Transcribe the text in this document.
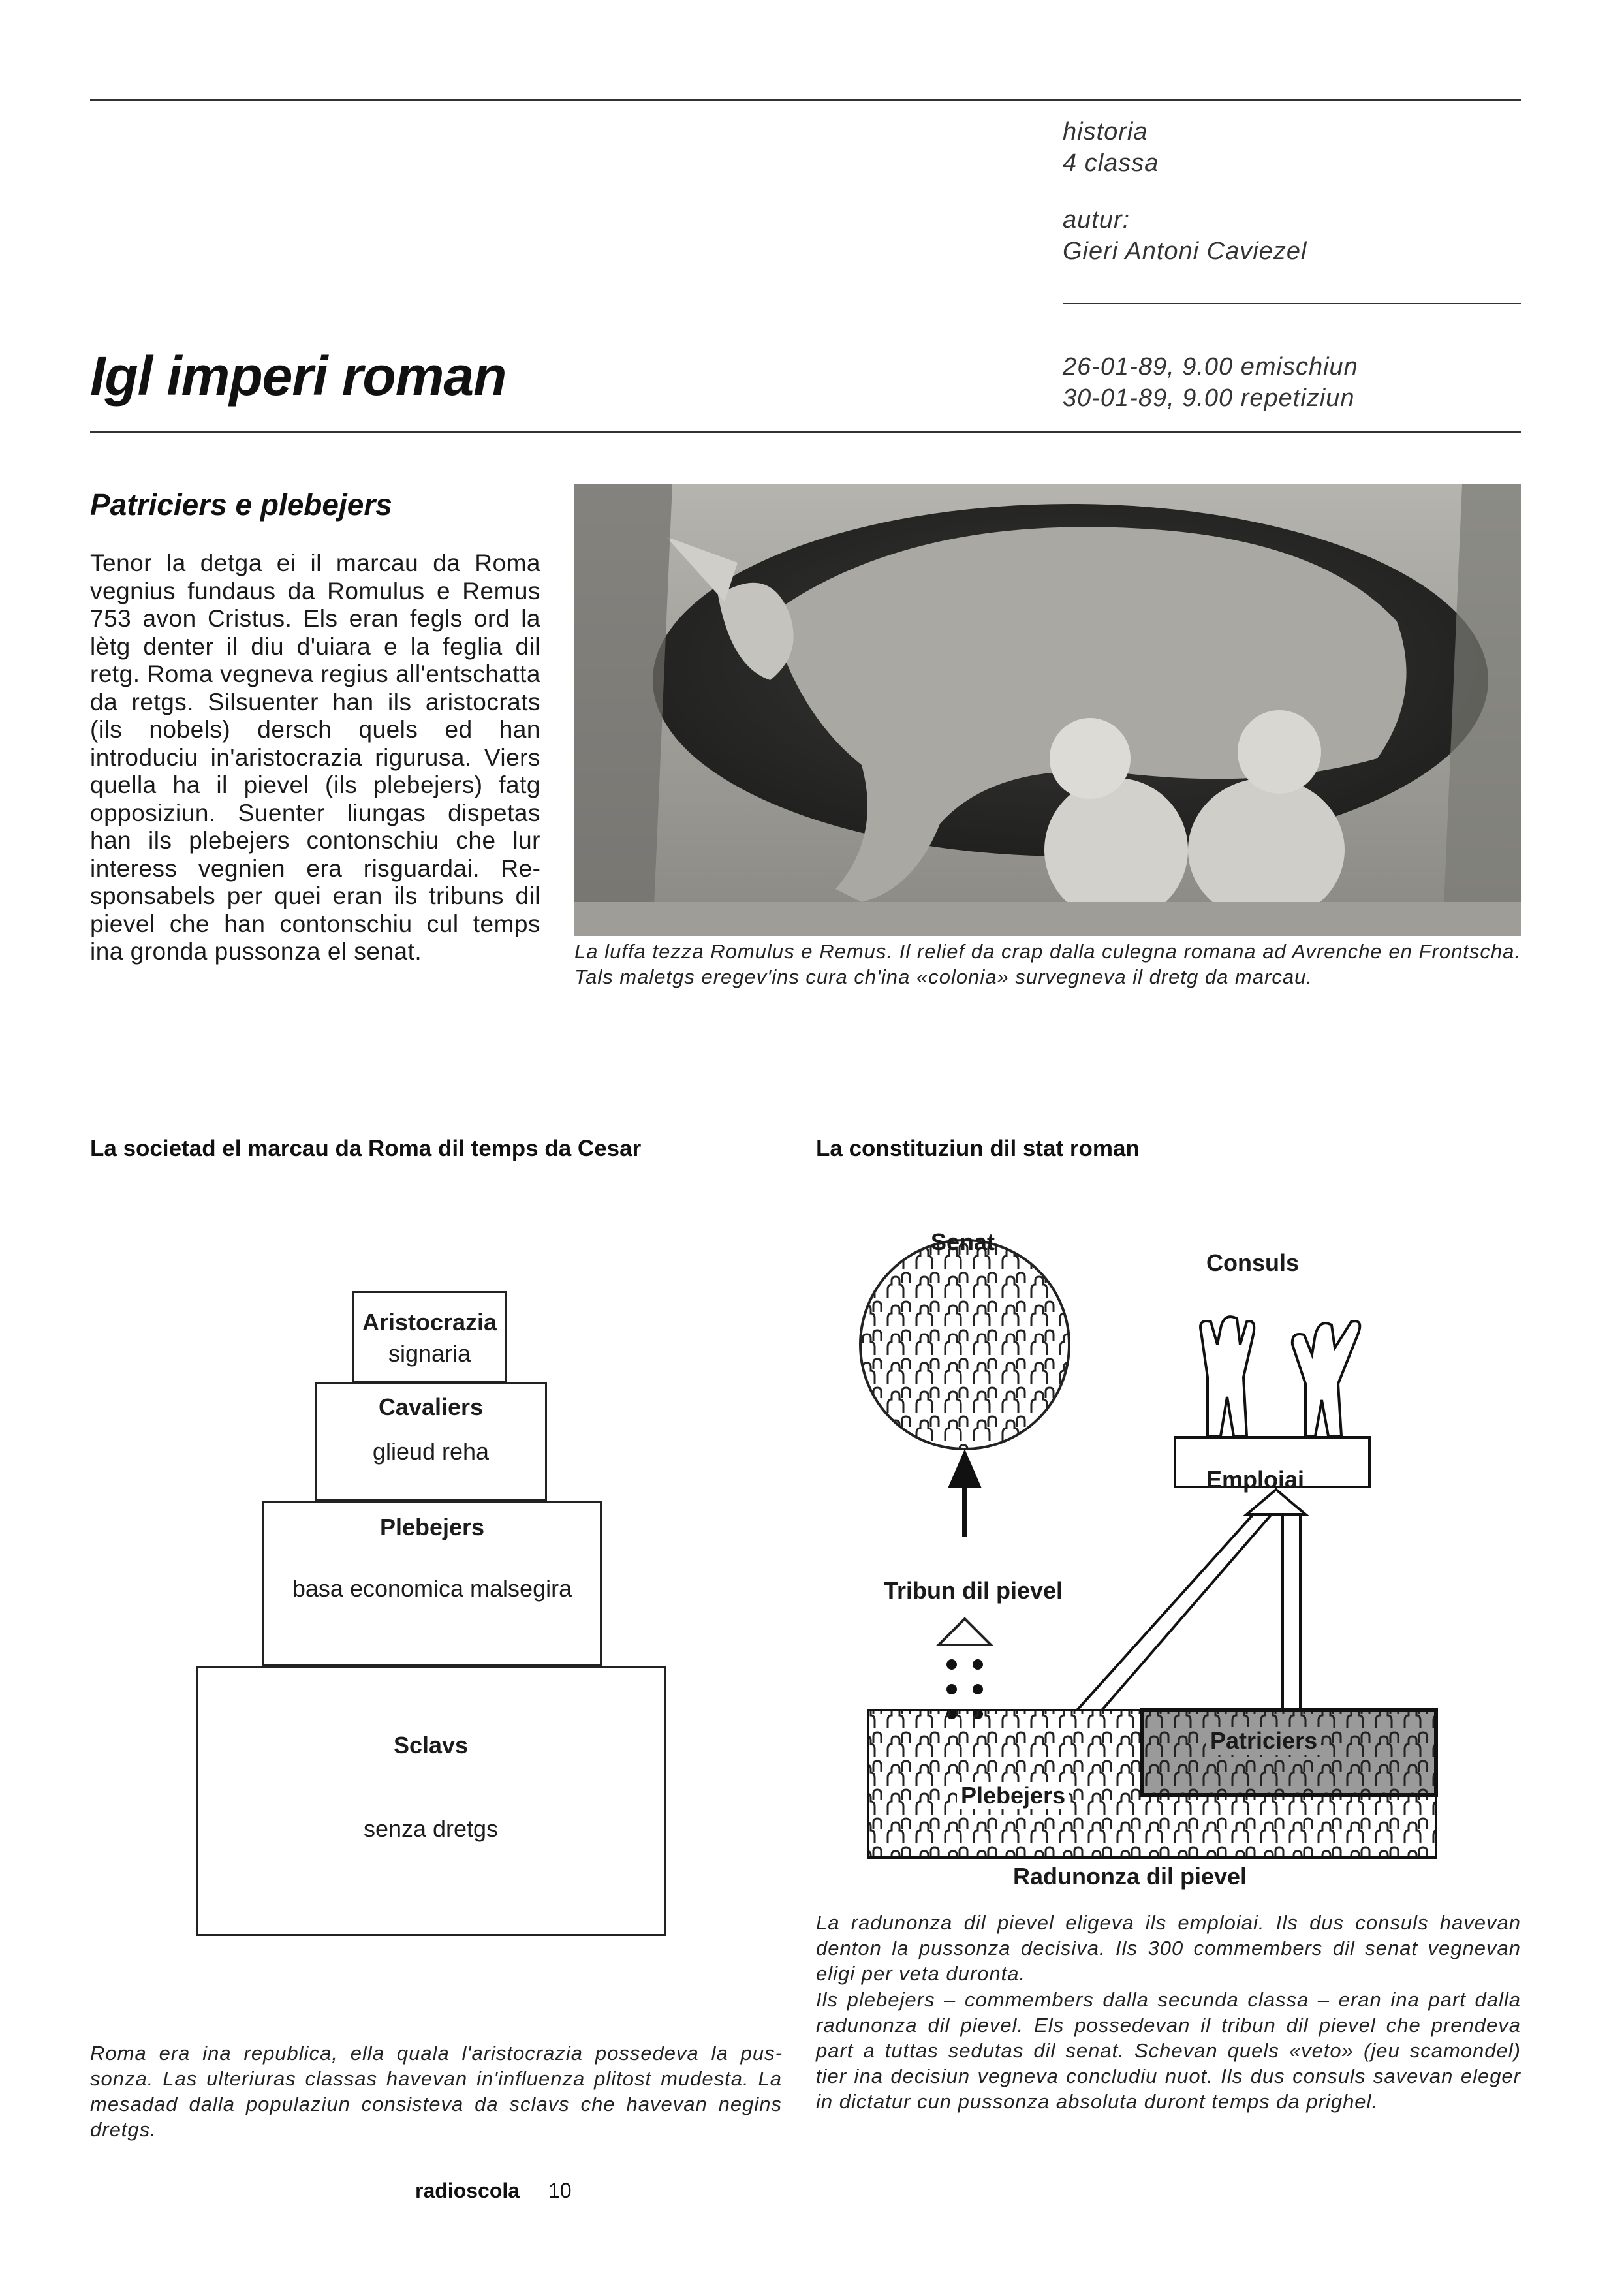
historia
4 classa
autur:
Gieri Antoni Caviezel
Igl imperi roman	26-01-89, 9.00 emischiun
30-01-89, 9.00 repetiziun
Patriciers e plebejers
Tenor la detga ei il marcau da Roma vegnius fundaus da Romulus e Remus 753 avon Cristus. Els eran fegls ord la lètg denter il diu d'uiara e la feglia dil retg. Roma vegneva regius all'entschatta da retgs. Silsuenter han ils aristocrats (ils nobels) dersch quels ed han introduciu in'aristocrazia rigurusa. Viers quella ha il pievel (ils plebejers) fatg opposiziun. Suenter liungas dispetas han ils plebejers contonschiu che lur interess vegnien era risguardai. Responsabels per quei eran ils tribuns dil pievel che han contonschiu cul temps ina gronda pussonza el senat.	La luffa tezza Romulus e Remus. Il relief da crap dalla culegna romana ad Avrenche en Frontscha. Tals maletgs eregev'ins cura ch'ina «colonia» survegneva il dretg da marcau.
La societad el marcau da Roma dil temps da Cesar	La constituziun dil stat roman
Aristocrazia
signaria
Cavaliers
glieud reha
Plebejers
basa economica malsegira
Sclavs
senza dretgs
Roma era ina republica, ella quala l'aristocrazia possedeva la pussonza. Las ulteriuras classas havevan in'influenza plitost mudesta. La mesadad dalla populaziun consisteva da sclavs che havevan negins dretgs.
Senat
Consuls
Emploiai
Tribun dil pievel
Patriciers
Plebejers
Radunonza dil pievel
La radunonza dil pievel eligeva ils emploiai. Ils dus consuls havevan denton la pussonza decisiva. Ils 300 commembers dil senat vegnevan eligi per veta duronta.
Ils plebejers – commembers dalla secunda classa – eran ina part dalla radunonza dil pievel. Els possedevan il tribun dil pievel che prendeva part a tuttas sedutas dil senat. Schevan quels «veto» (jeu scamondel) tier ina decisiun vegneva concludiu nuot. Ils dus consuls savevan eleger in dictatur cun pussonza absoluta duront temps da prighel.
radioscola 10
